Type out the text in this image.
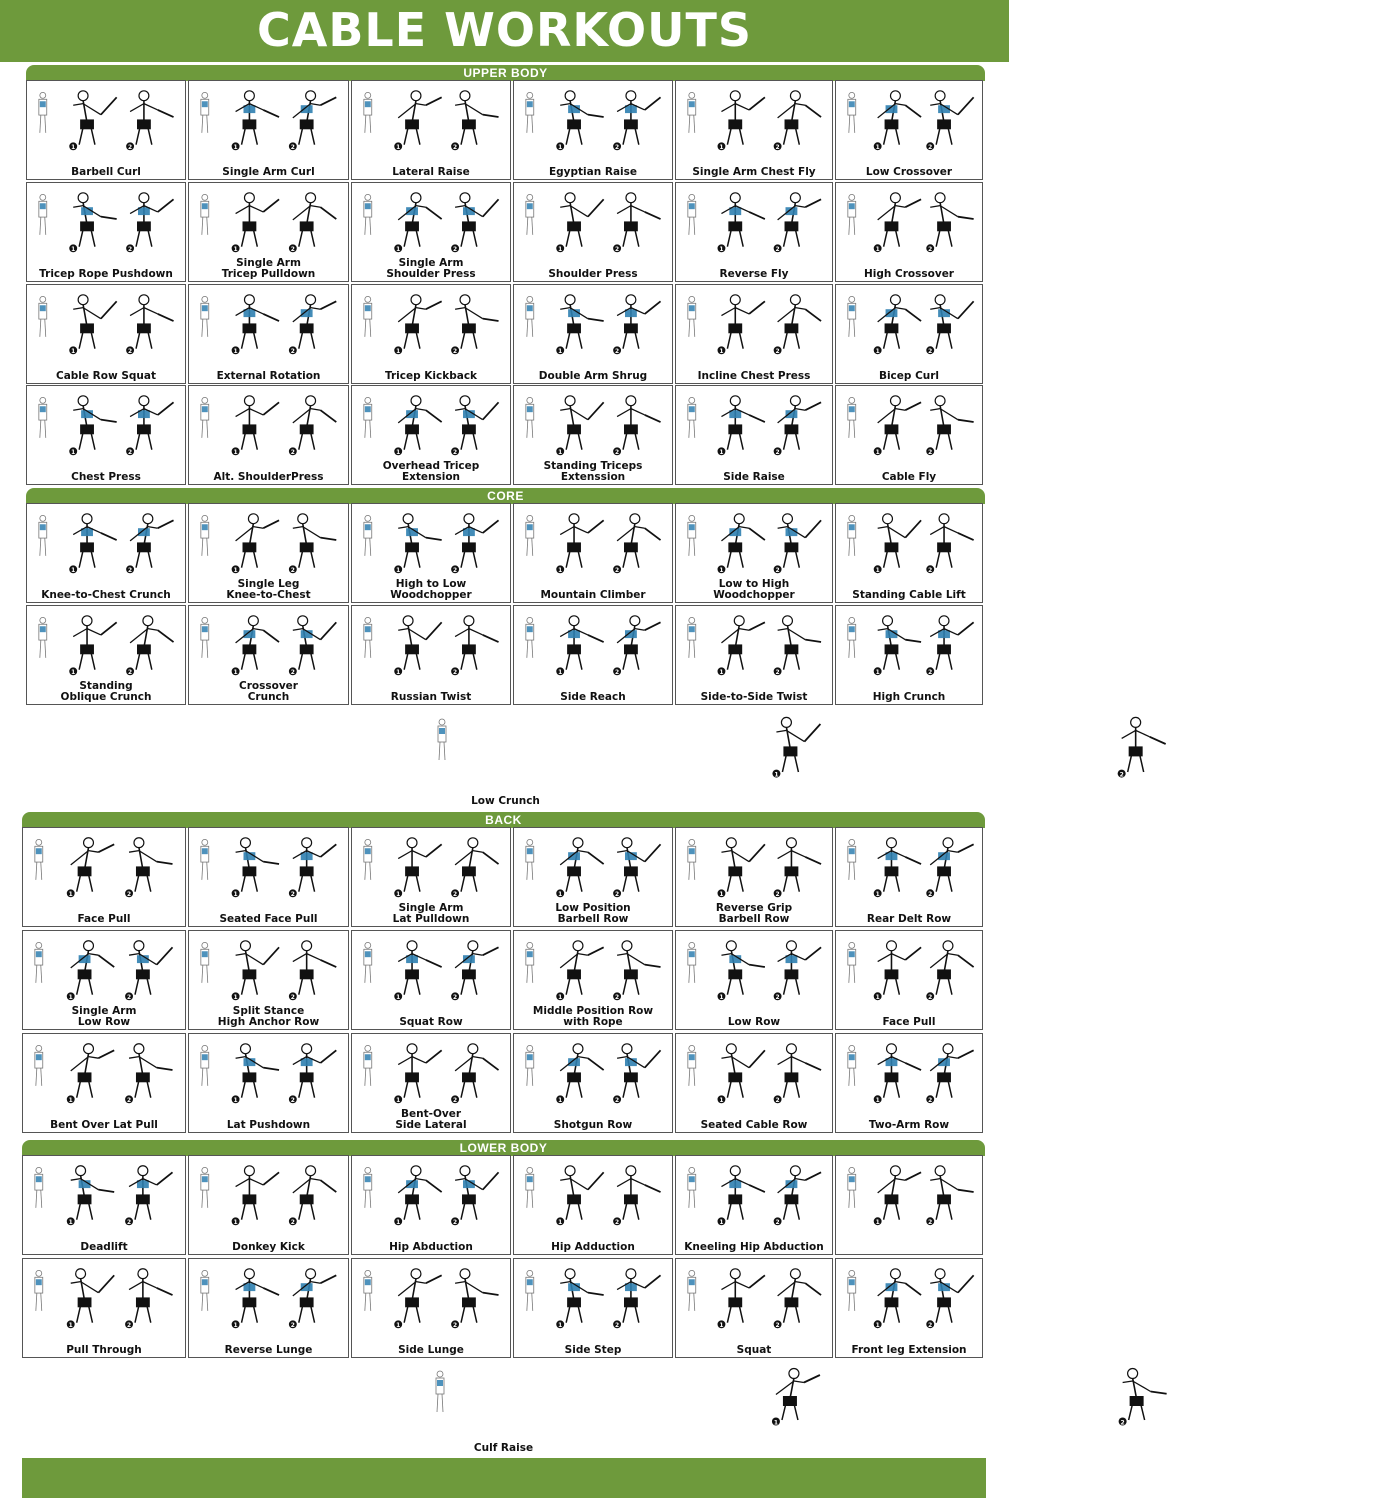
CABLE WORKOUTS
UPPER BODY
1	2
Barbell Curl
1	2
Single Arm Curl
1	2
Lateral Raise
1	2
Egyptian Raise
1	2
Single Arm Chest Fly
1	2
Low Crossover
1	2
Tricep Rope Pushdown
1	2
Single Arm
Tricep Pulldown
1	2
Single Arm
Shoulder Press
1	2
Shoulder Press
1	2
Reverse Fly
1	2
High Crossover
1	2
Cable Row Squat
1	2
External Rotation
1	2
Tricep Kickback
1	2
Double Arm Shrug
1	2
Incline Chest Press
1	2
Bicep Curl
1	2
Chest Press
1	2
Alt. ShoulderPress
1	2
Overhead Tricep Extension
1	2
Standing Triceps Extenssion
1	2
Side Raise
1	2
Cable Fly
CORE
1	2
Knee-to-Chest Crunch
1	2
Single Leg
Knee-to-Chest
1	2
High to Low
Woodchopper
1	2
Mountain Climber
1	2
Low to High
Woodchopper
1	2
Standing Cable Lift
1	2
Standing
Oblique Crunch
1	2
Crossover
Crunch
1	2
Russian Twist
1	2
Side Reach
1	2
Side-to-Side Twist
1	2
High Crunch
1	2
Low Crunch
BACK
1	2
Face Pull
1	2
Seated Face Pull
1	2
Single Arm
Lat Pulldown
1	2
Low Position
Barbell Row
1	2
Reverse Grip
Barbell Row
1	2
Rear Delt Row
1	2
Single Arm
Low Row
1	2
Split Stance
High Anchor Row
1	2
Squat Row
1	2
Middle Position Row
with Rope
1	2
Low Row
1	2
Face Pull
1	2
Bent Over Lat Pull
1	2
Lat Pushdown
1	2
Bent-Over
Side Lateral
1	2
Shotgun Row
1	2
Seated Cable Row
1	2
Two-Arm Row
LOWER BODY
1	2
Deadlift
1	2
Donkey Kick
1	2
Hip Abduction
1	2
Hip Adduction
1	2
Kneeling Hip Abduction
1	2
1	2
Pull Through
1	2
Reverse Lunge
1	2
Side Lunge
1	2
Side Step
1	2
Squat
1	2
Front leg Extension
1	2
Culf Raise
